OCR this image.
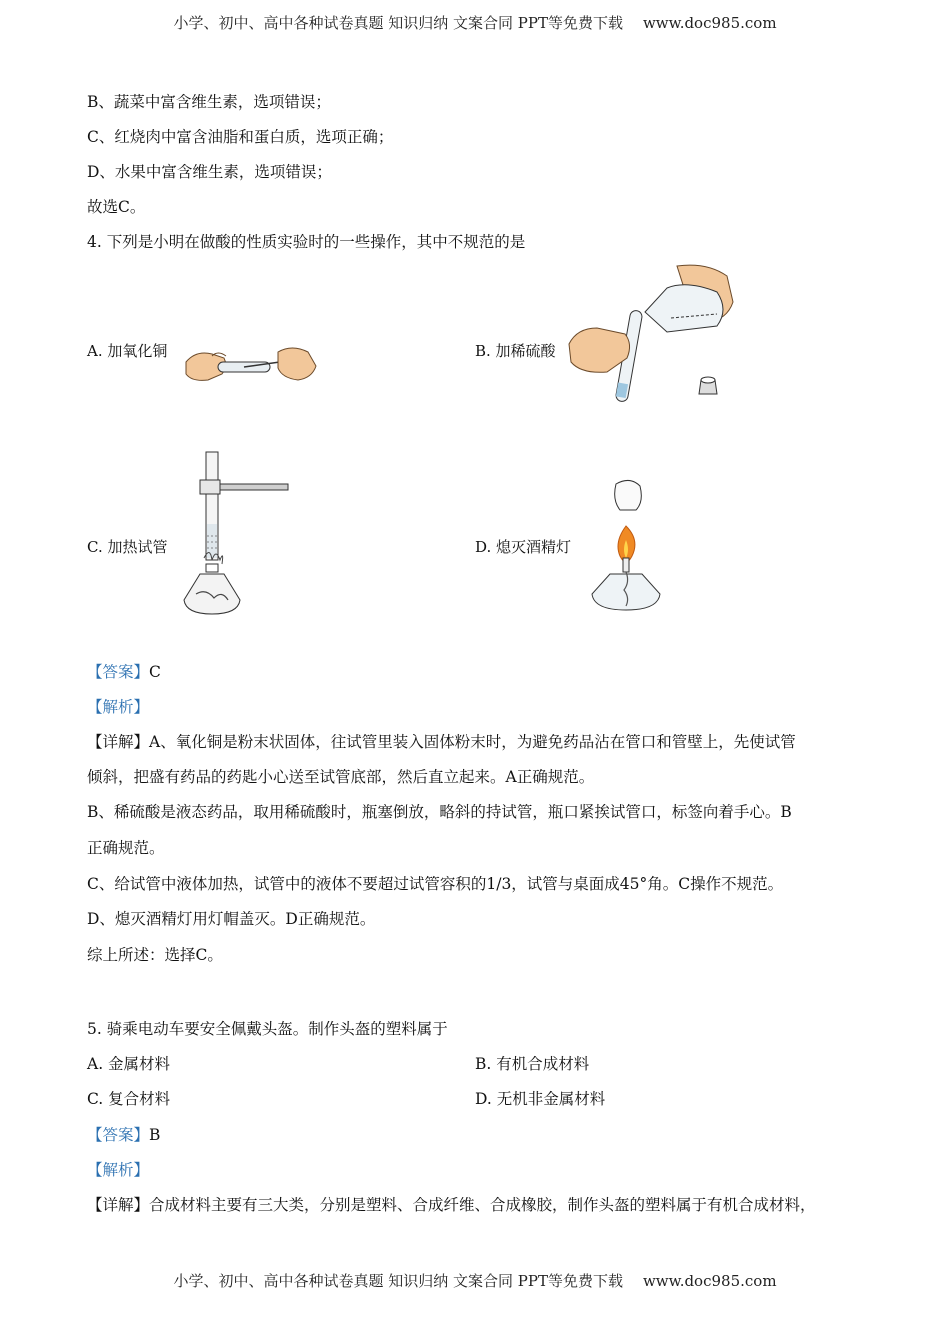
小学、初中、高中各种试卷真题 知识归纳 文案合同 PPT等免费下载 www.doc985.com
B、蔬菜中富含维生素，选项错误；
C、红烧肉中富含油脂和蛋白质，选项正确；
D、水果中富含维生素，选项错误；
故选C。
4. 下列是小明在做酸的性质实验时的一些操作，其中不规范的是
A. 加氧化铜	B. 加稀硫酸
C. 加热试管	D. 熄灭酒精灯
【答案】C
【解析】
【详解】A、氧化铜是粉末状固体，往试管里装入固体粉末时，为避免药品沾在管口和管壁上，先使试管
倾斜，把盛有药品的药匙小心送至试管底部，然后直立起来。A正确规范。
B、稀硫酸是液态药品，取用稀硫酸时，瓶塞倒放，略斜的持试管，瓶口紧挨试管口，标签向着手心。B
正确规范。
C、给试管中液体加热，试管中的液体不要超过试管容积的1/3，试管与桌面成45°角。C操作不规范。
D、熄灭酒精灯用灯帽盖灭。D正确规范。
综上所述：选择C。
5. 骑乘电动车要安全佩戴头盔。制作头盔的塑料属于
A. 金属材料	B. 有机合成材料
C. 复合材料	D. 无机非金属材料
【答案】B
【解析】
【详解】合成材料主要有三大类，分别是塑料、合成纤维、合成橡胶，制作头盔的塑料属于有机合成材料，
小学、初中、高中各种试卷真题 知识归纳 文案合同 PPT等免费下载 www.doc985.com
